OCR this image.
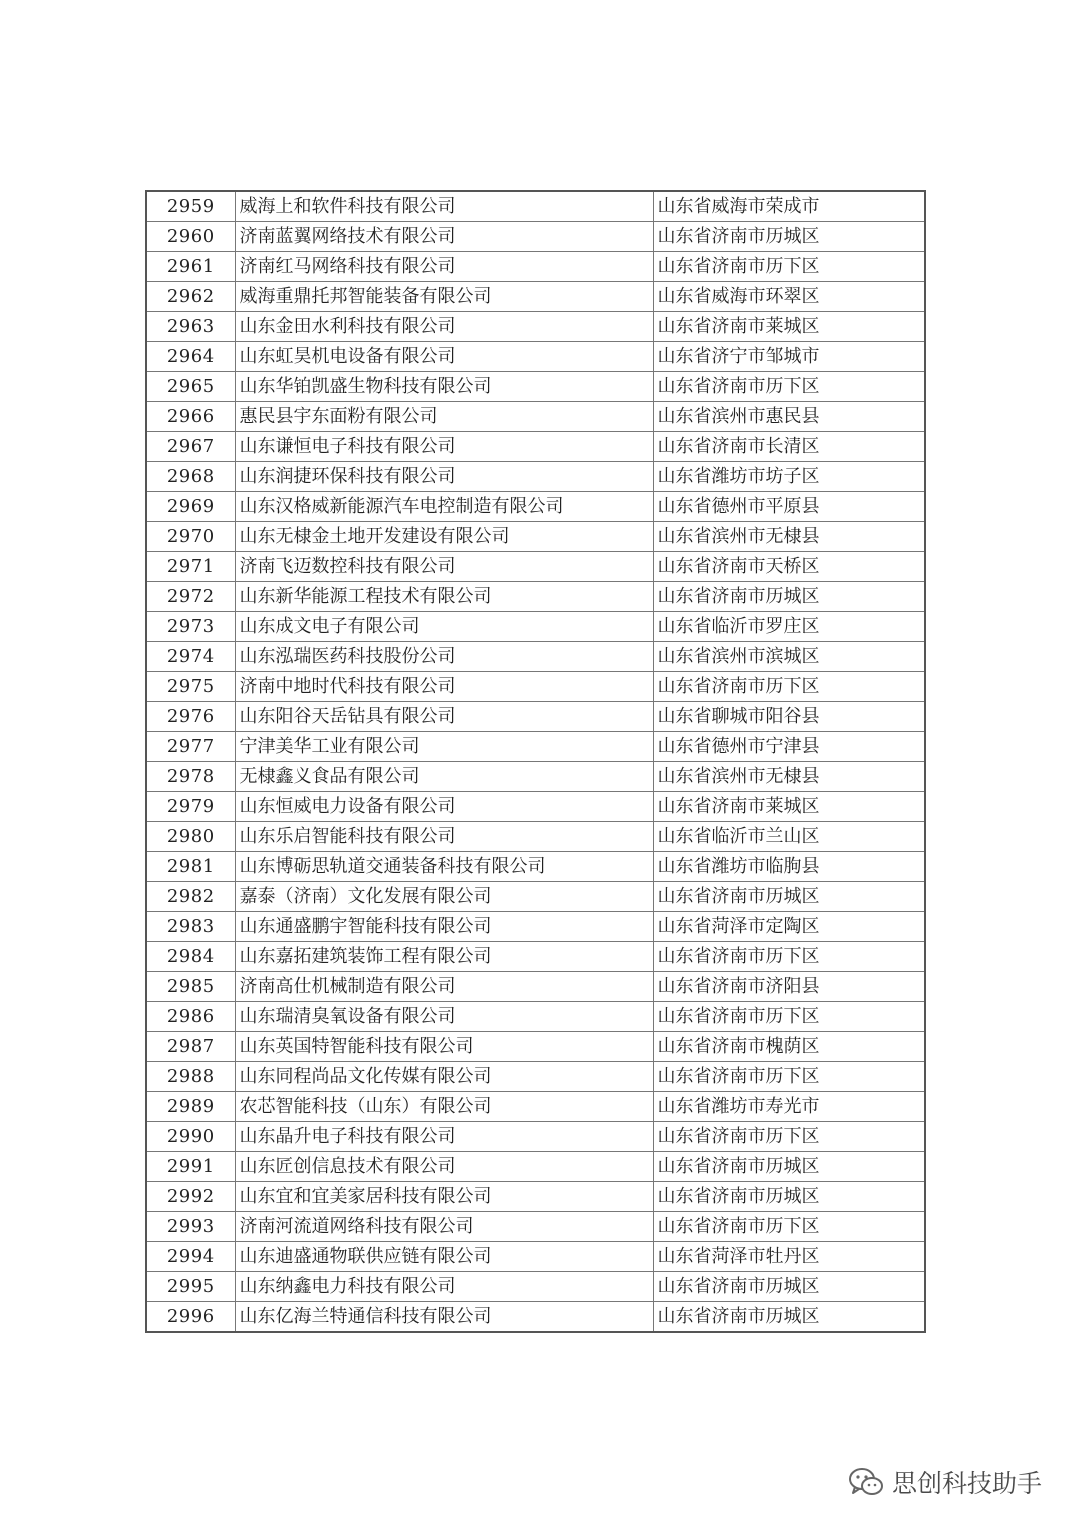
2959	威海上和软件科技有限公司	山东省威海市荣成市
2960	济南蓝翼网络技术有限公司	山东省济南市历城区
2961	济南红马网络科技有限公司	山东省济南市历下区
2962	威海重鼎托邦智能装备有限公司	山东省威海市环翠区
2963	山东金田水利科技有限公司	山东省济南市莱城区
2964	山东虹昊机电设备有限公司	山东省济宁市邹城市
2965	山东华铂凯盛生物科技有限公司	山东省济南市历下区
2966	惠民县宇东面粉有限公司	山东省滨州市惠民县
2967	山东谦恒电子科技有限公司	山东省济南市长清区
2968	山东润捷环保科技有限公司	山东省潍坊市坊子区
2969	山东汉格威新能源汽车电控制造有限公司	山东省德州市平原县
2970	山东无棣金土地开发建设有限公司	山东省滨州市无棣县
2971	济南飞迈数控科技有限公司	山东省济南市天桥区
2972	山东新华能源工程技术有限公司	山东省济南市历城区
2973	山东成文电子有限公司	山东省临沂市罗庄区
2974	山东泓瑞医药科技股份公司	山东省滨州市滨城区
2975	济南中地时代科技有限公司	山东省济南市历下区
2976	山东阳谷天岳钻具有限公司	山东省聊城市阳谷县
2977	宁津美华工业有限公司	山东省德州市宁津县
2978	无棣鑫义食品有限公司	山东省滨州市无棣县
2979	山东恒威电力设备有限公司	山东省济南市莱城区
2980	山东乐启智能科技有限公司	山东省临沂市兰山区
2981	山东博砺思轨道交通装备科技有限公司	山东省潍坊市临朐县
2982	嘉泰（济南）文化发展有限公司	山东省济南市历城区
2983	山东通盛鹏宇智能科技有限公司	山东省菏泽市定陶区
2984	山东嘉拓建筑装饰工程有限公司	山东省济南市历下区
2985	济南高仕机械制造有限公司	山东省济南市济阳县
2986	山东瑞清臭氧设备有限公司	山东省济南市历下区
2987	山东英国特智能科技有限公司	山东省济南市槐荫区
2988	山东同程尚品文化传媒有限公司	山东省济南市历下区
2989	农芯智能科技（山东）有限公司	山东省潍坊市寿光市
2990	山东晶升电子科技有限公司	山东省济南市历下区
2991	山东匠创信息技术有限公司	山东省济南市历城区
2992	山东宜和宜美家居科技有限公司	山东省济南市历城区
2993	济南河流道网络科技有限公司	山东省济南市历下区
2994	山东迪盛通物联供应链有限公司	山东省菏泽市牡丹区
2995	山东纳鑫电力科技有限公司	山东省济南市历城区
2996	山东亿海兰特通信科技有限公司	山东省济南市历城区
思创科技助手
